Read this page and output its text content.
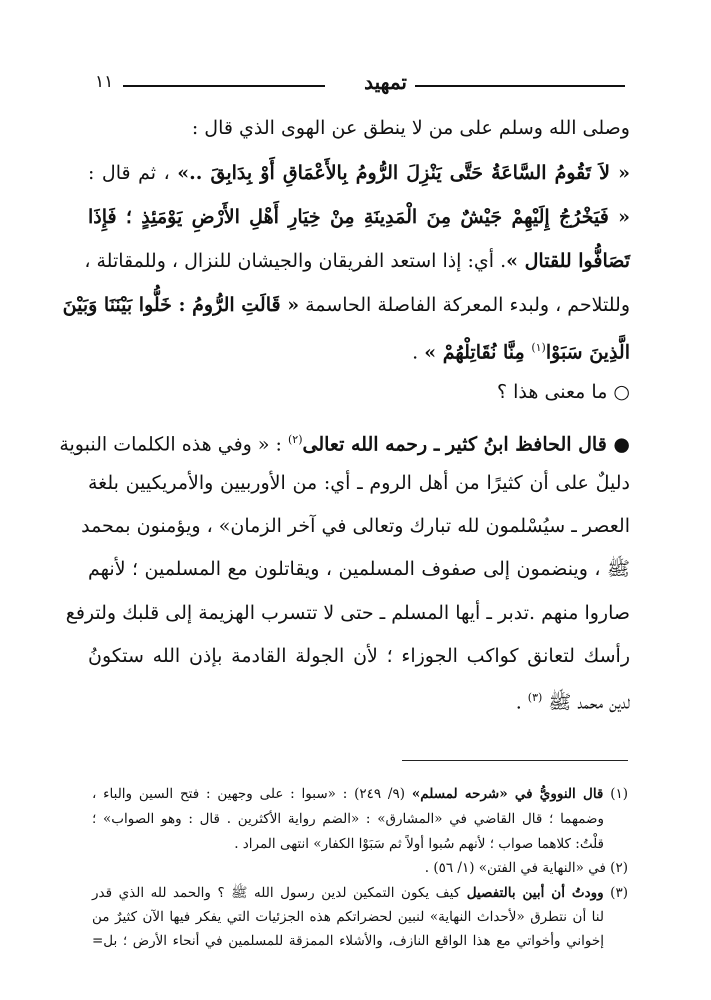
تمهيد
١١
وصلى الله وسلم على من لا ينطق عن الهوى الذي قال :
« لاَ تَقُومُ السَّاعَةُ حَتَّى يَنْزِلَ الرُّومُ بِالأَعْمَاقِ أَوْ بِدَابِقَ ..» ، ثم قال :
« فَيَخْرُجُ إِلَيْهِمْ جَيْشٌ مِنَ الْمَدِينَةِ مِنْ خِيَارِ أَهْلِ الأَرْضِ يَوْمَئِذٍ ؛ فَإِذَا
تَصَافُّوا للقتال ». أي: إذا استعد الفريقان والجيشان للنزال ، وللمقاتلة ،
وللتلاحم ، ولبدء المعركة الفاصلة الحاسمة « قَالَتِ الرُّومُ : خَلُّوا بَيْنَنَا وَبَيْنَ
الَّذِينَ سَبَوْا$^{(١)}$ مِنَّا نُقَاتِلْهُمْ » .
○ ما معنى هذا ؟
● قال الحافظ ابنُ كثير ـ رحمه الله تعالى$^{(٢)}$ : « وفي هذه الكلمات النبوية
دليلٌ على أن كثيرًا من أهل الروم ـ أي: من الأوربيين والأمريكيين بلغة
العصر ـ سيُسْلمون لله تبارك وتعالى في آخر الزمان» ، ويؤمنون بمحمد
ﷺ ، وينضمون إلى صفوف المسلمين ، ويقاتلون مع المسلمين ؛ لأنهم
صاروا منهم .تدبر ـ أيها المسلم ـ حتى لا تتسرب الهزيمة إلى قلبك ولترفع
رأسك لتعانق كواكب الجوزاء ؛ لأن الجولة القادمة بإذن الله ستكونُ
لدين محمد ﷺ $^{(٣)}$ .
(١) قال النوويُّ في «شرحه لمسلم» (٩/ ٢٤٩) : «سبوا : على وجهين : فتح السين والباء ،
وضمهما ؛ قال القاضي في «المشارق» : «الضم رواية الأكثرين . قال : وهو الصواب» ؛
قلْتُ: كلاهما صواب ؛ لأنهم سُبوا أولاً ثم سَبَوْا الكفار» انتهى المراد .
(٢) في «النهاية في الفتن» (١/ ٥٦) .
(٣) وودتُ أن أبين بالتفصيل كيف يكون التمكين لدين رسول الله ﷺ ؟ والحمد لله الذي قدر
لنا أن نتطرق «لأحداث النهاية» لنبين لحضراتكم هذه الجزئيات التي يفكر فيها الآن كثيرٌ من
إخواني وأخواتي مع هذا الواقع النازف، والأشلاء الممزقة للمسلمين في أنحاء الأرض ؛ بل=
